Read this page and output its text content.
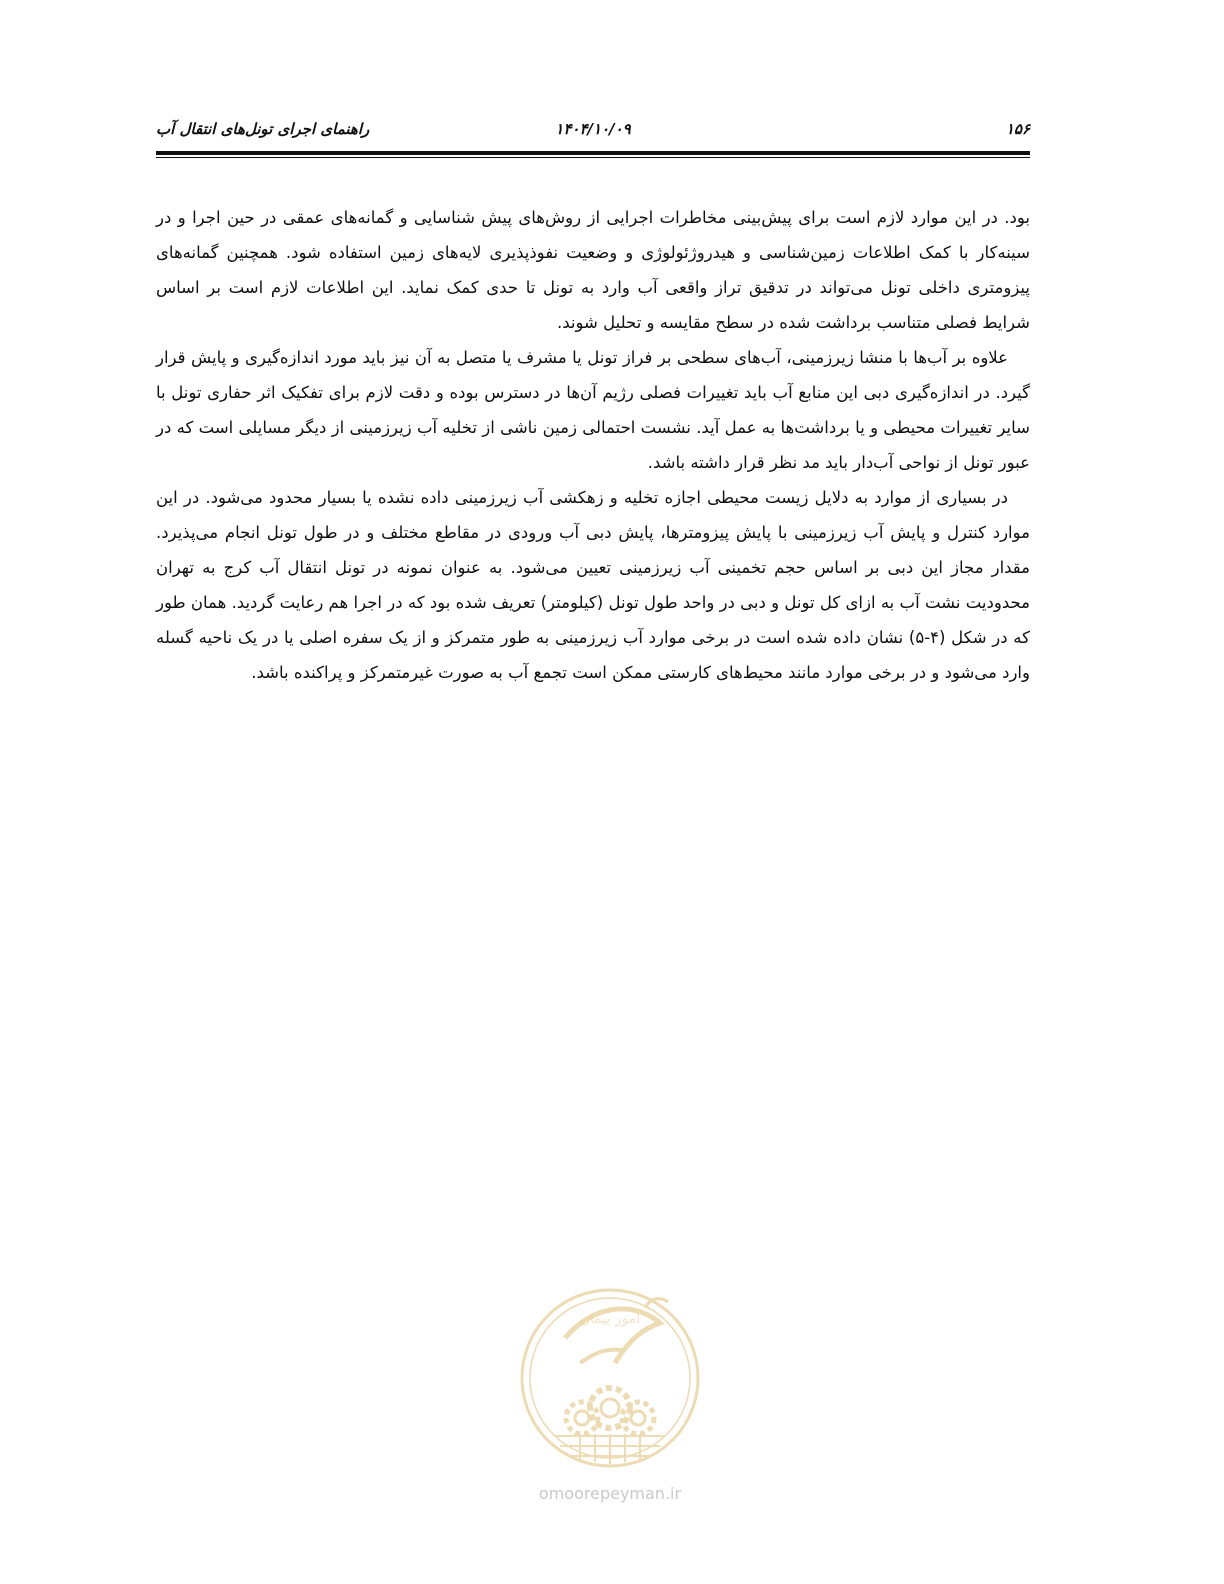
۱۵۶
۱۴۰۴/۱۰/۰۹
راهنمای اجرای تونل‌های انتقال آب

بود. در این موارد لازم است برای پیش‌بینی مخاطرات اجرایی از روش‌های پیش شناسایی و گمانه‌های عمقی در حین اجرا و در سینه‌کار با کمک اطلاعات زمین‌شناسی و هیدروژئولوژی و وضعیت نفوذپذیری لایه‌های زمین استفاده شود. همچنین گمانه‌های پیزومتری داخلی تونل می‌تواند در تدقیق تراز واقعی آب وارد به تونل تا حدی کمک نماید. این اطلاعات لازم است بر اساس شرایط فصلی متناسب برداشت شده در سطح مقایسه و تحلیل شوند.

علاوه بر آب‌ها با منشا زیرزمینی، آب‌های سطحی بر فراز تونل یا مشرف یا متصل به آن نیز باید مورد اندازه‌گیری و پایش قرار گیرد. در اندازه‌گیری دبی این منابع آب باید تغییرات فصلی رژیم آن‌ها در دسترس بوده و دقت لازم برای تفکیک اثر حفاری تونل با سایر تغییرات محیطی و یا برداشت‌ها به عمل آید. نشست احتمالی زمین ناشی از تخلیه آب زیرزمینی از دیگر مسایلی است که در عبور تونل از نواحی آب‌دار باید مد نظر قرار داشته باشد.

در بسیاری از موارد به دلایل زیست محیطی اجازه تخلیه و زهکشی آب زیرزمینی داده نشده یا بسیار محدود می‌شود. در این موارد کنترل و پایش آب زیرزمینی با پایش پیزومترها، پایش دبی آب ورودی در مقاطع مختلف و در طول تونل انجام می‌پذیرد. مقدار مجاز این دبی بر اساس حجم تخمینی آب زیرزمینی تعیین می‌شود. به عنوان نمونه در تونل انتقال آب کرج به تهران محدودیت نشت آب به ازای کل تونل و دبی در واحد طول تونل (کیلومتر) تعریف شده بود که در اجرا هم رعایت گردید. همان طور که در شکل (۴-۵) نشان داده شده است در برخی موارد آب زیرزمینی به طور متمرکز و از یک سفره اصلی یا در یک ناحیه گسله وارد می‌شود و در برخی موارد مانند محیط‌های کارستی ممکن است تجمع آب به صورت غیرمتمرکز و پراکنده باشد.

امور پیمان
omoorepeyman.ir
